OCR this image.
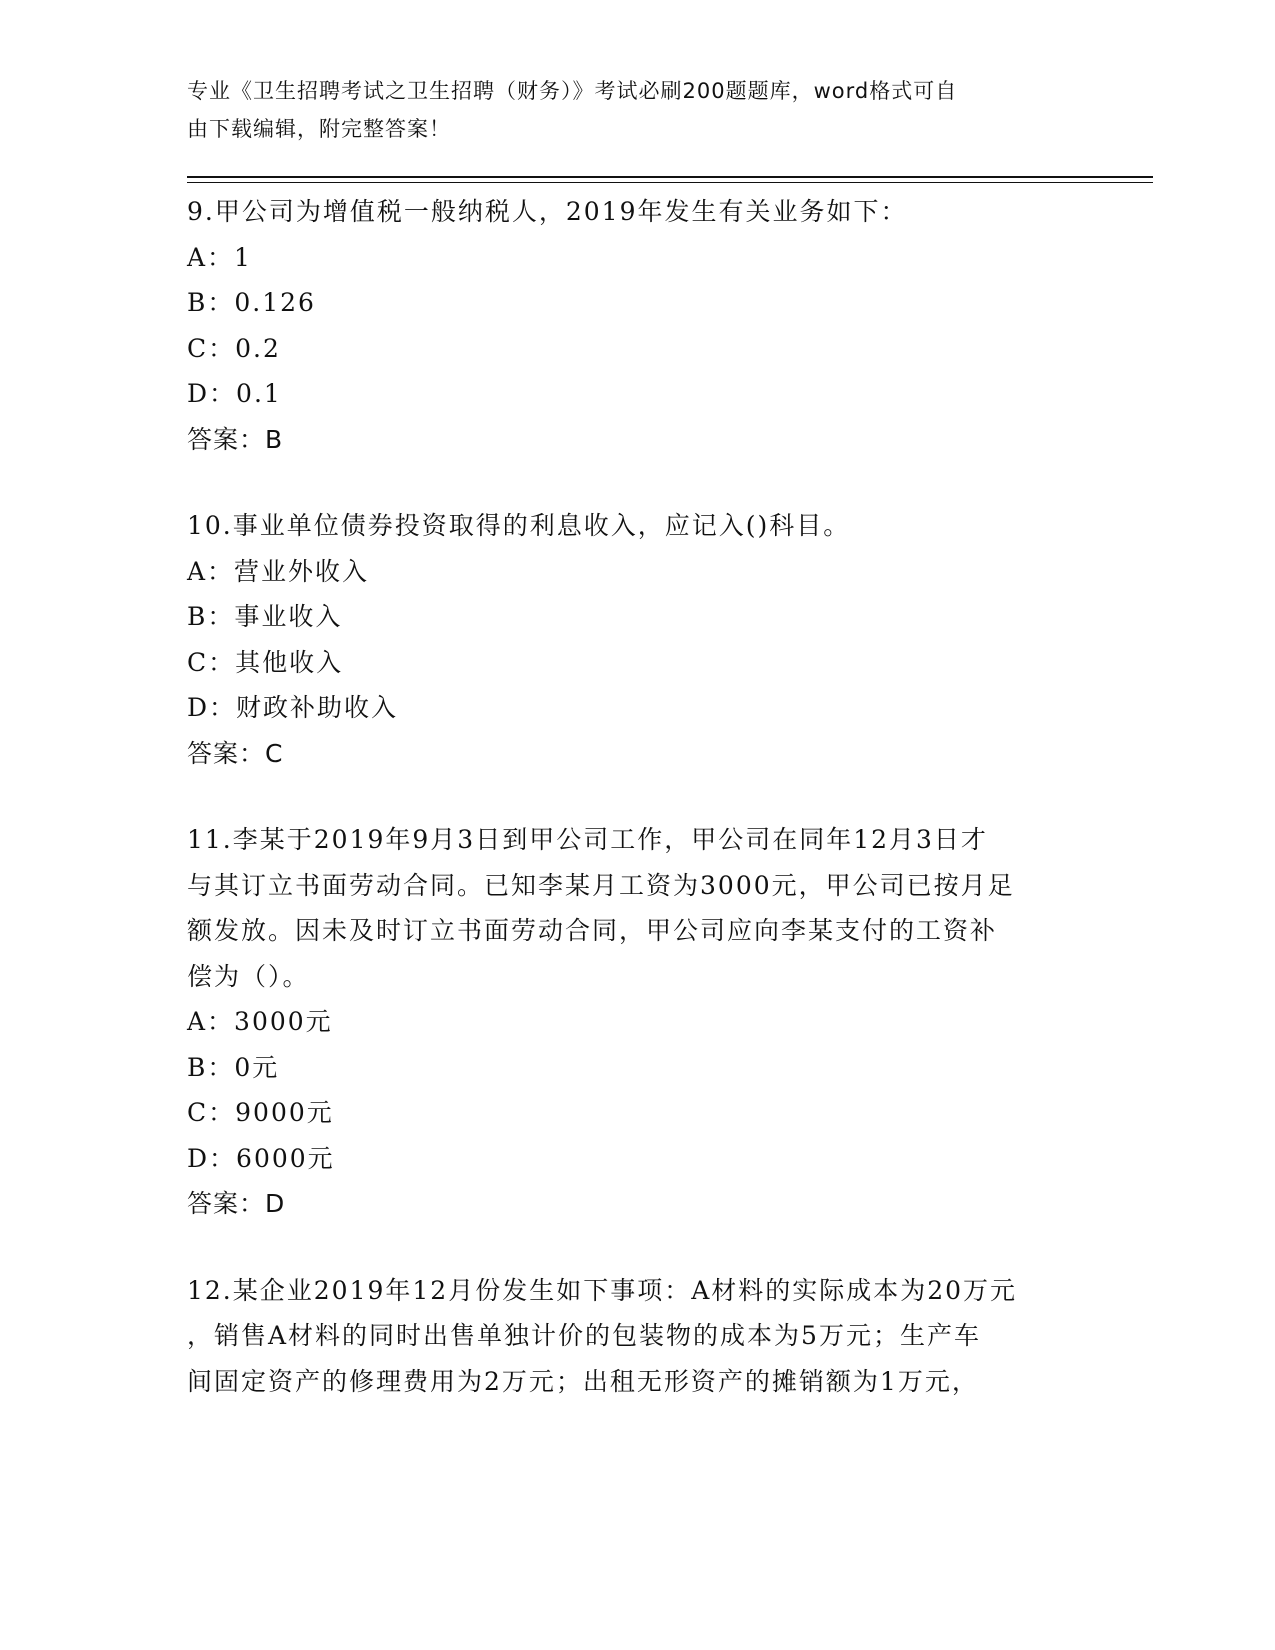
专业《卫生招聘考试之卫生招聘（财务）》考试必刷200题题库，word格式可自
由下载编辑，附完整答案！

9.甲公司为增值税一般纳税人，2019年发生有关业务如下：

A：1

B：0.126

C：0.2

D：0.1

答案：B

10.事业单位债券投资取得的利息收入，应记入()科目。

A：营业外收入

B：事业收入

C：其他收入

D：财政补助收入

答案：C

11.李某于2019年9月3日到甲公司工作，甲公司在同年12月3日才

与其订立书面劳动合同。已知李某月工资为3000元，甲公司已按月足

额发放。因未及时订立书面劳动合同，甲公司应向李某支付的工资补

偿为（）。

A：3000元

B：0元

C：9000元

D：6000元

答案：D

12.某企业2019年12月份发生如下事项：A材料的实际成本为20万元

，销售A材料的同时出售单独计价的包装物的成本为5万元；生产车

间固定资产的修理费用为2万元；出租无形资产的摊销额为1万元，
